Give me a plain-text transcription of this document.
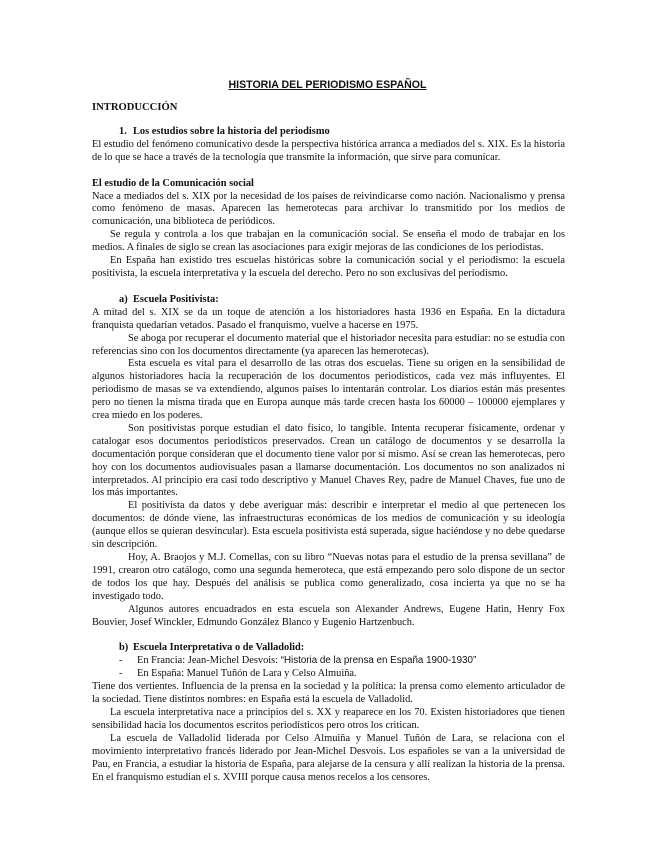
HISTORIA DEL PERIODISMO ESPAÑOL
INTRODUCCIÓN
1. Los estudios sobre la historia del periodismo

El estudio del fenómeno comunicativo desde la perspectiva histórica arranca a mediados del s. XIX. Es la historia de lo que se hace a través de la tecnología que transmite la información, que sirve para comunicar.

El estudio de la Comunicación social

Nace a mediados del s. XIX por la necesidad de los países de reivindicarse como nación. Nacionalismo y prensa como fenómeno de masas. Aparecen las hemerotecas para archivar lo transmitido por los medios de comunicación, una biblioteca de periódicos.

Se regula y controla a los que trabajan en la comunicación social. Se enseña el modo de trabajar en los medios. A finales de siglo se crean las asociaciones para exigir mejoras de las condiciones de los periodistas.

En España han existido tres escuelas históricas sobre la comunicación social y el periodismo: la escuela positivista, la escuela interpretativa y la escuela del derecho. Pero no son exclusivas del periodismo.

a) Escuela Positivista:

A mitad del s. XIX se da un toque de atención a los historiadores hasta 1936 en España. En la dictadura franquista quedarían vetados. Pasado el franquismo, vuelve a hacerse en 1975.

Se aboga por recuperar el documento material que el historiador necesita para estudiar: no se estudia con referencias sino con los documentos directamente (ya aparecen las hemerotecas).

Esta escuela es vital para el desarrollo de las otras dos escuelas. Tiene su origen en la sensibilidad de algunos historiadores hacia la recuperación de los documentos periodísticos, cada vez más influyentes. El periodismo de masas se va extendiendo, algunos países lo intentarán controlar. Los diarios están más presentes pero no tienen la misma tirada que en Europa aunque más tarde crecen hasta los 60000 – 100000 ejemplares y crea miedo en los poderes.

Son positivistas porque estudian el dato físico, lo tangible. Intenta recuperar físicamente, ordenar y catalogar esos documentos periodísticos preservados. Crean un catálogo de documentos y se desarrolla la documentación porque consideran que el documento tiene valor por sí mismo. Así se crean las hemerotecas, pero hoy con los documentos audiovisuales pasan a llamarse documentación. Los documentos no son analizados ni interpretados. Al principio era casi todo descriptivo y Manuel Chaves Rey, padre de Manuel Chaves, fue uno de los más importantes.

El positivista da datos y debe averiguar más: describir e interpretar el medio al que pertenecen los documentos: de dónde viene, las infraestructuras económicas de los medios de comunicación y su ideología (aunque ellos se quieran desvincular). Esta escuela positivista está superada, sigue haciéndose y no debe quedarse sin descripción.

Hoy, A. Braojos y M.J. Comellas, con su libro “Nuevas notas para el estudio de la prensa sevillana” de 1991, crearon otro catálogo, como una segunda hemeroteca, que está empezando pero solo dispone de un sector de todos los que hay. Después del análisis se publica como generalizado, cosa incierta ya que no se ha investigado todo.

Algunos autores encuadrados en esta escuela son Alexander Andrews, Eugene Hatin, Henry Fox Bouvier, Josef Winckler, Edmundo González Blanco y Eugenio Hartzenbuch.

b) Escuela Interpretativa o de Valladolid:
- En Francia: Jean-Michel Desvois: “Historia de la prensa en España 1900-1930”
- En España: Manuel Tuñón de Lara y Celso Almuiña.

Tiene dos vertientes. Influencia de la prensa en la sociedad y la política: la prensa como elemento articulador de la sociedad. Tiene distintos nombres: en España está la escuela de Valladolid.

La escuela interpretativa nace a principios del s. XX y reaparece en los 70. Existen historiadores que tienen sensibilidad hacia los documentos escritos periodísticos pero otros los critican.

La escuela de Valladolid liderada por Celso Almuiña y Manuel Tuñón de Lara, se relaciona con el movimiento interpretativo francés liderado por Jean-Michel Desvois. Los españoles se van a la universidad de Pau, en Francia, a estudiar la historia de España, para alejarse de la censura y allí realizan la historia de la prensa. En el franquismo estudian el s. XVIII porque causa menos recelos a los censores.
